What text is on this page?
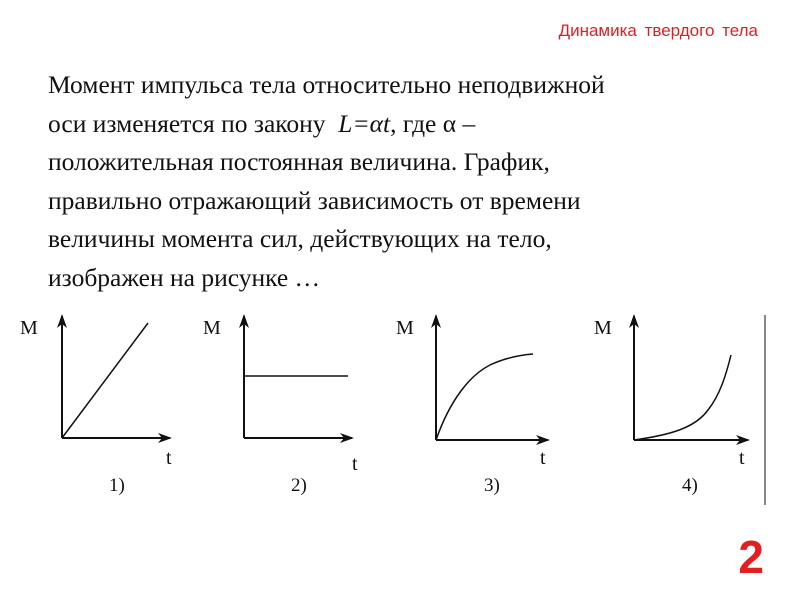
Динамика твердого тела
Момент импульса тела относительно неподвижной
оси изменяется по закону  L=αt, где α –
положительная постоянная величина. График,
правильно отражающий зависимость от времени
величины момента сил, действующих на тело,
изображен на рисунке …
M
t
1)
M
t
2)
M
t
3)
M
t
4)
2
